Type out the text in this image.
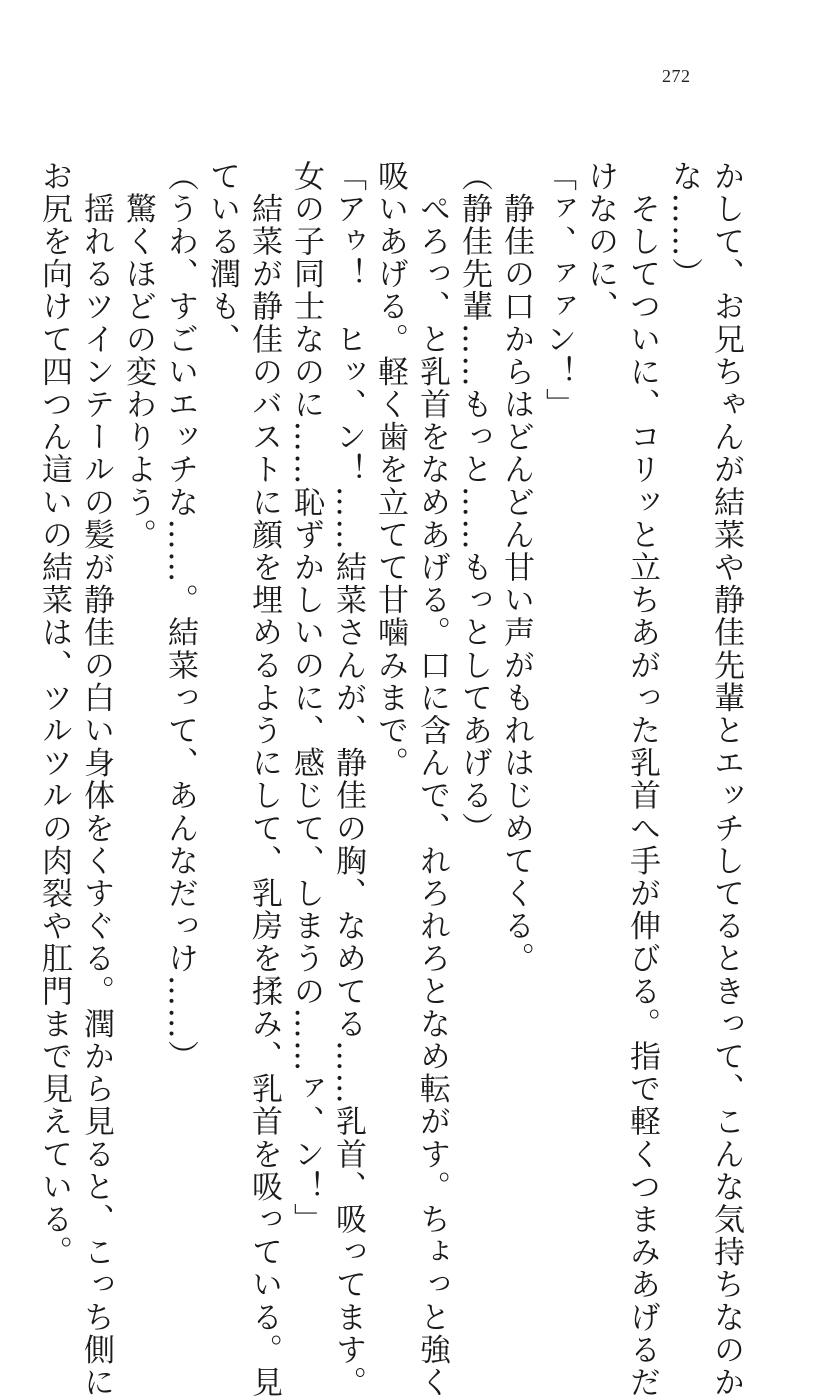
272
かして、お兄ちゃんが結菜や静佳先輩とエッチしてるときって、こんな気持ちなのか
な……）
　そしてついに、コリッと立ちあがった乳首へ手が伸びる。指で軽くつまみあげるだ
けなのに、
「ァ、ァァン！」
　静佳の口からはどんどん甘い声がもれはじめてくる。
（静佳先輩……もっと……もっとしてあげる）
　ぺろっ、と乳首をなめあげる。口に含んで、れろれろとなめ転がす。ちょっと強く
吸いあげる。軽く歯を立てて甘噛みまで。
「アゥ！　ヒッ、ン！……結菜さんが、静佳の胸、なめてる……乳首、吸ってます。
女の子同士なのに……恥ずかしいのに、感じて、しまうの……ァ、ン！」
　結菜が静佳のバストに顔を埋めるようにして、乳房を揉み、乳首を吸っている。見
ている潤も、
（うわ、すごいエッチな……。結菜って、あんなだっけ……）
　驚くほどの変わりよう。
　揺れるツインテールの髪が静佳の白い身体をくすぐる。潤から見ると、こっち側に
お尻を向けて四つん這いの結菜は、ツルツルの肉裂や肛門まで見えている。
